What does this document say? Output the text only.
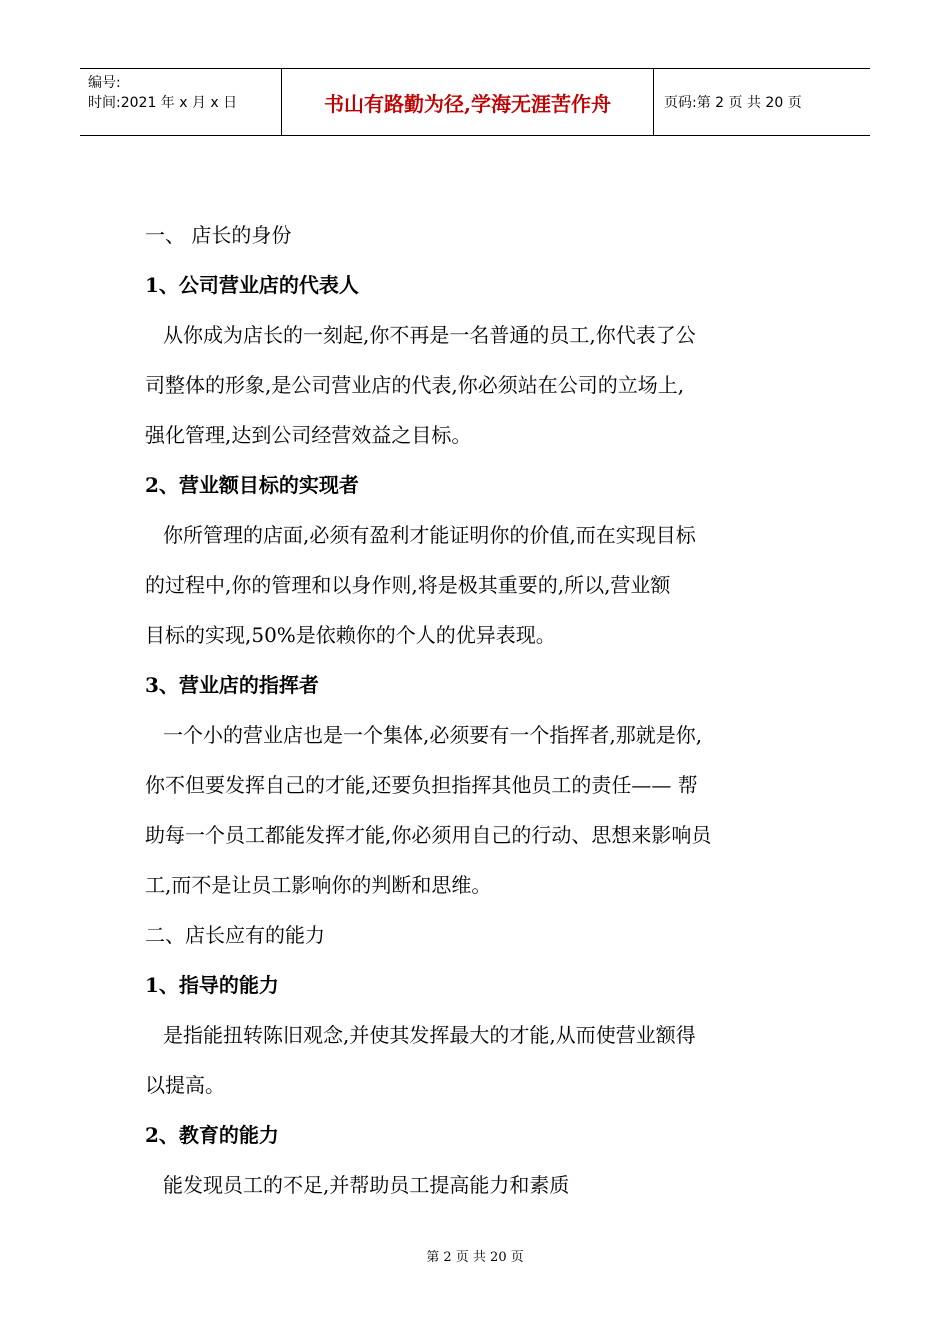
编号:
时间:2021 年 x 月 x 日	书山有路勤为径,学海无涯苦作舟	页码:第 2 页 共 20 页
一、 店长的身份
1、公司营业店的代表人
从你成为店长的一刻起,你不再是一名普通的员工,你代表了公
司整体的形象,是公司营业店的代表,你必须站在公司的立场上,
强化管理,达到公司经营效益之目标。
2、营业额目标的实现者
你所管理的店面,必须有盈利才能证明你的价值,而在实现目标
的过程中,你的管理和以身作则,将是极其重要的,所以,营业额
目标的实现,50%是依赖你的个人的优异表现。
3、营业店的指挥者
一个小的营业店也是一个集体,必须要有一个指挥者,那就是你,
你不但要发挥自己的才能,还要负担指挥其他员工的责任—— 帮
助每一个员工都能发挥才能,你必须用自己的行动、思想来影响员
工,而不是让员工影响你的判断和思维。
二、店长应有的能力
1、指导的能力
是指能扭转陈旧观念,并使其发挥最大的才能,从而使营业额得
以提高。
2、教育的能力
能发现员工的不足,并帮助员工提高能力和素质
第 2 页 共 20 页
